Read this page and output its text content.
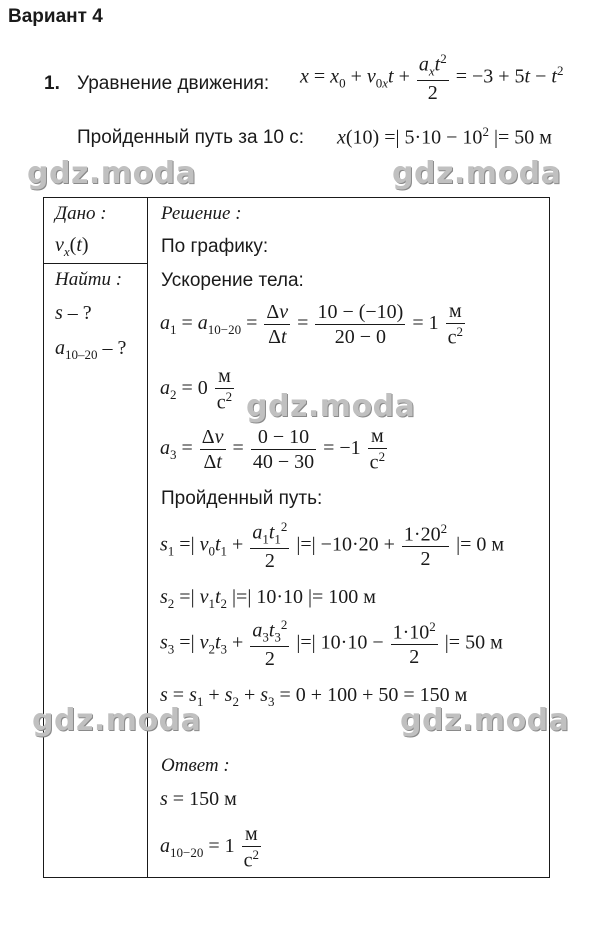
Вариант 4
1. Уравнение движения: $x = x_0 + v_{0x}t + \frac{a_xt^2}{2} = -3 + 5t - t^2$
Пройденный путь за 10 с: x(10) =| $5\cdot 10 - 10^2$ |= 50 м
Дано :
$v_x(t)$
Найти :
s – ?
$a_{10-20}$ – ?
Решение :
По графику:
Ускорение тела:
$a_1 = a_{10-20} = \frac{\Delta v}{\Delta t} = \frac{10 - (-10)}{20 - 0} = 1 \frac{м}{с^2}$
$a_2 = 0 \frac{м}{с^2}$
$a_3 = \frac{\Delta v}{\Delta t} = \frac{0 - 10}{40 - 30} = -1 \frac{м}{с^2}$
Пройденный путь:
$s_1$ =| $v_0t_1 + \frac{a_1t_1^2}{2}$ |=| $-10\cdot 20 + \frac{1\cdot 20^2}{2}$ |= 0 м
$s_2$ =| $v_1t_2$ |=| 10·10 |= 100 м
$s_3$ =| $v_2t_3 + \frac{a_3t_3^2}{2}$ |=| $10\cdot 10 - \frac{1\cdot 10^2}{2}$ |= 50 м
$s = s_1 + s_2 + s_3 = 0 + 100 + 50 = 150$ м
Ответ :
s = 150 м
$a_{10-20} = 1 \frac{м}{с^2}$
gdz.moda	gdz.moda
gdz.moda
gdz.moda	gdz.moda
